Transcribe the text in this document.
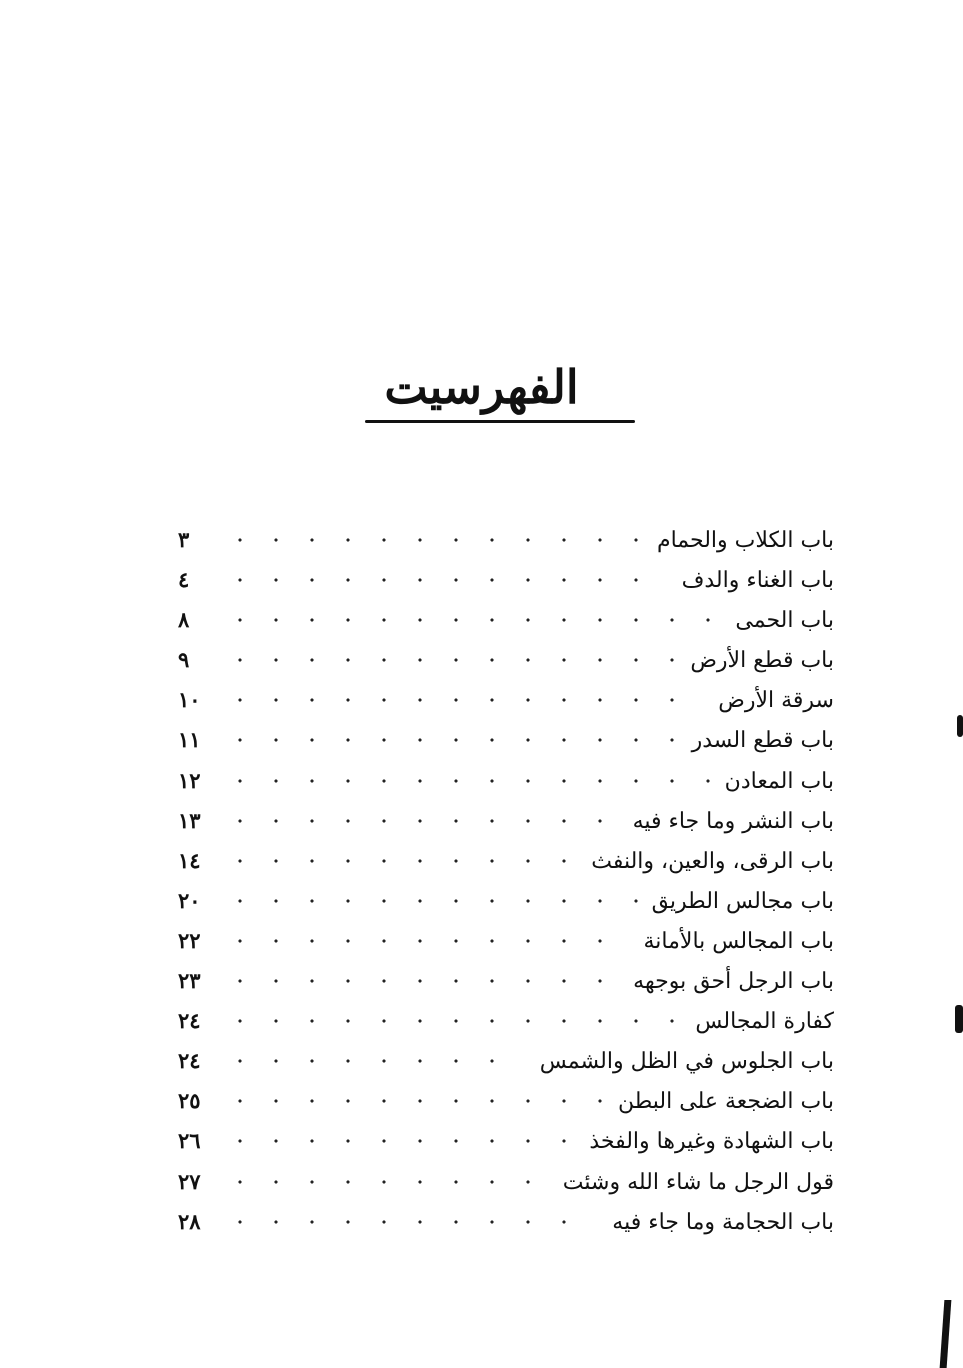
الفهرسيت
باب الكلاب والحمام
٣
باب الغناء والدف
٤
باب الحمى
٨
باب قطع الأرض
٩
سرقة الأرض
١٠
باب قطع السدر
١١
باب المعادن
١٢
باب النشر وما جاء فيه
١٣
باب الرقى، والعين، والنفث
١٤
باب مجالس الطريق
٢٠
باب المجالس بالأمانة
٢٢
باب الرجل أحق بوجهه
٢٣
كفارة المجالس
٢٤
باب الجلوس في الظل والشمس
٢٤
باب الضجعة على البطن
٢٥
باب الشهادة وغيرها والفخذ
٢٦
قول الرجل ما شاء الله وشئت
٢٧
باب الحجامة وما جاء فيه
٢٨
